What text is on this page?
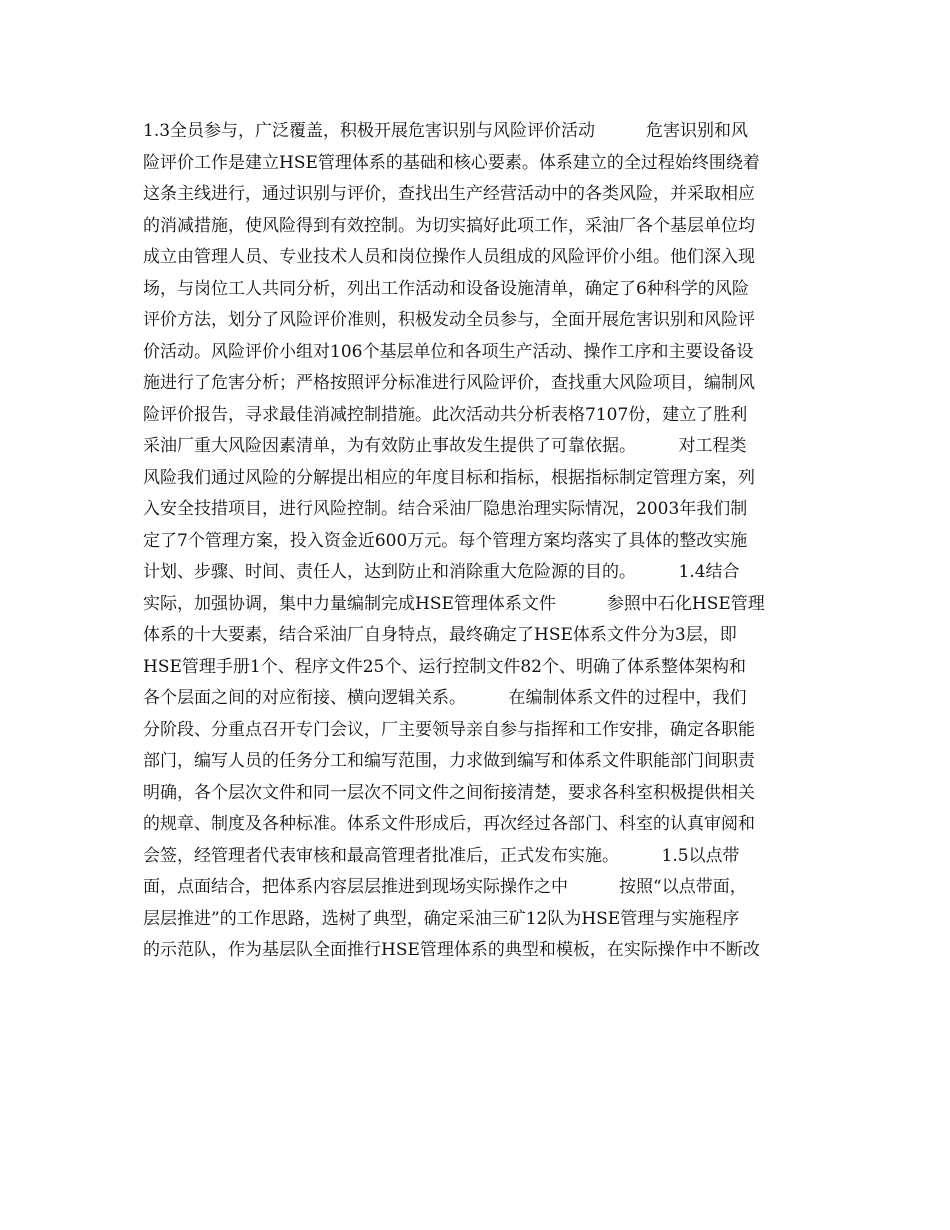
1.3全员参与，广泛覆盖，积极开展危害识别与风险评价活动　　　危害识别和风
险评价工作是建立HSE管理体系的基础和核心要素。体系建立的全过程始终围绕着
这条主线进行，通过识别与评价，查找出生产经营活动中的各类风险，并采取相应
的消减措施，使风险得到有效控制。为切实搞好此项工作，采油厂各个基层单位均
成立由管理人员、专业技术人员和岗位操作人员组成的风险评价小组。他们深入现
场，与岗位工人共同分析，列出工作活动和设备设施清单，确定了6种科学的风险
评价方法，划分了风险评价准则，积极发动全员参与，全面开展危害识别和风险评
价活动。风险评价小组对106个基层单位和各项生产活动、操作工序和主要设备设
施进行了危害分析；严格按照评分标准进行风险评价，查找重大风险项目，编制风
险评价报告，寻求最佳消减控制措施。此次活动共分析表格7107份，建立了胜利
采油厂重大风险因素清单，为有效防止事故发生提供了可靠依据。　　　对工程类
风险我们通过风险的分解提出相应的年度目标和指标，根据指标制定管理方案，列
入安全技措项目，进行风险控制。结合采油厂隐患治理实际情况，2003年我们制
定了7个管理方案，投入资金近600万元。每个管理方案均落实了具体的整改实施
计划、步骤、时间、责任人，达到防止和消除重大危险源的目的。　　　1.4结合
实际，加强协调，集中力量编制完成HSE管理体系文件　　　参照中石化HSE管理
体系的十大要素，结合采油厂自身特点，最终确定了HSE体系文件分为3层，即
HSE管理手册1个、程序文件25个、运行控制文件82个、明确了体系整体架构和
各个层面之间的对应衔接、横向逻辑关系。　　　在编制体系文件的过程中，我们
分阶段、分重点召开专门会议，厂主要领导亲自参与指挥和工作安排，确定各职能
部门，编写人员的任务分工和编写范围，力求做到编写和体系文件职能部门间职责
明确，各个层次文件和同一层次不同文件之间衔接清楚，要求各科室积极提供相关
的规章、制度及各种标准。体系文件形成后，再次经过各部门、科室的认真审阅和
会签，经管理者代表审核和最高管理者批准后，正式发布实施。　　　1.5以点带
面，点面结合，把体系内容层层推进到现场实际操作之中　　　按照“以点带面，
层层推进”的工作思路，选树了典型，确定采油三矿12队为HSE管理与实施程序
的示范队，作为基层队全面推行HSE管理体系的典型和模板，在实际操作中不断改
